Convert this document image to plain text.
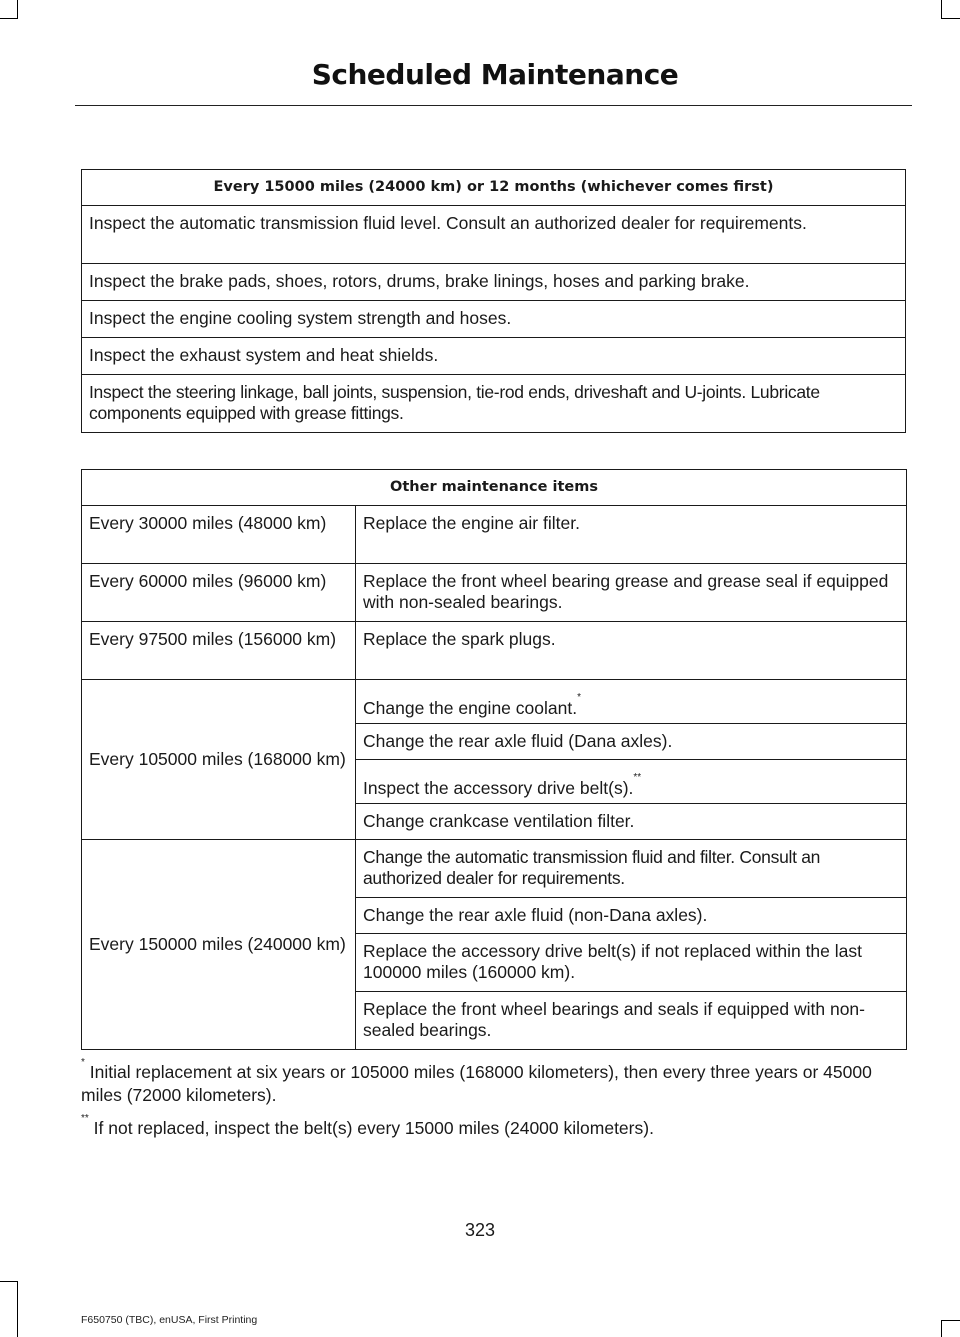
Scheduled Maintenance
Every 15000 miles (24000 km) or 12 months (whichever comes first)
Inspect the automatic transmission fluid level. Consult an authorized dealer for requirements.
Inspect the brake pads, shoes, rotors, drums, brake linings, hoses and parking brake.
Inspect the engine cooling system strength and hoses.
Inspect the exhaust system and heat shields.
Inspect the steering linkage, ball joints, suspension, tie-rod ends, driveshaft and U-joints. Lubricate components equipped with grease fittings.
Other maintenance items	
Every 30000 miles (48000 km)	Replace the engine air filter.
Every 60000 miles (96000 km)	Replace the front wheel bearing grease and grease seal if equipped with non-sealed bearings.
Every 97500 miles (156000 km)	Replace the spark plugs.
Every 105000 miles (168000 km)	Change the engine coolant.*
	Change the rear axle fluid (Dana axles).
	Inspect the accessory drive belt(s).**
	Change crankcase ventilation filter.
Every 150000 miles (240000 km)	Change the automatic transmission fluid and filter. Consult an authorized dealer for requirements.
	Change the rear axle fluid (non-Dana axles).
	Replace the accessory drive belt(s) if not replaced within the last 100000 miles (160000 km).
	Replace the front wheel bearings and seals if equipped with non-sealed bearings.
* Initial replacement at six years or 105000 miles (168000 kilometers), then every three years or 45000 miles (72000 kilometers).
** If not replaced, inspect the belt(s) every 15000 miles (24000 kilometers).
323
F650750 (TBC), enUSA, First Printing
